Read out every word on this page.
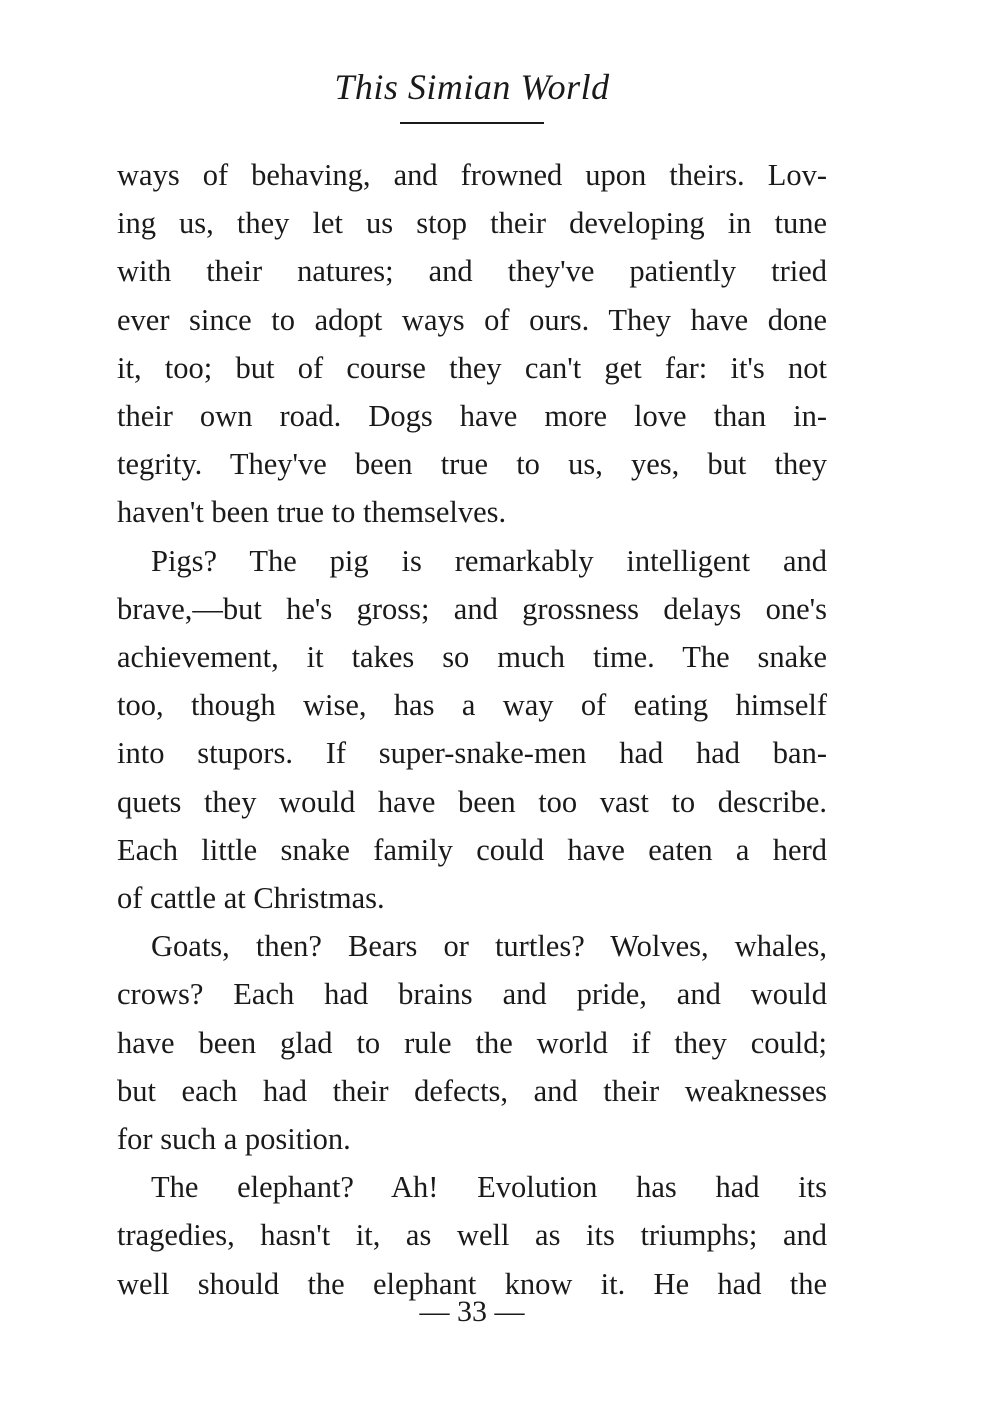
This Simian World

ways of behaving, and frowned upon theirs. Lov-
ing us, they let us stop their developing in tune
with their natures; and they've patiently tried
ever since to adopt ways of ours. They have done
it, too; but of course they can't get far: it's not
their own road. Dogs have more love than in-
tegrity. They've been true to us, yes, but they
haven't been true to themselves.

Pigs? The pig is remarkably intelligent and
brave,—but he's gross; and grossness delays one's
achievement, it takes so much time. The snake
too, though wise, has a way of eating himself
into stupors. If super-snake-men had had ban-
quets they would have been too vast to describe.
Each little snake family could have eaten a herd
of cattle at Christmas.

Goats, then? Bears or turtles? Wolves, whales,
crows? Each had brains and pride, and would
have been glad to rule the world if they could;
but each had their defects, and their weaknesses
for such a position.

The elephant? Ah! Evolution has had its
tragedies, hasn't it, as well as its triumphs; and
well should the elephant know it. He had the

— 33 —
